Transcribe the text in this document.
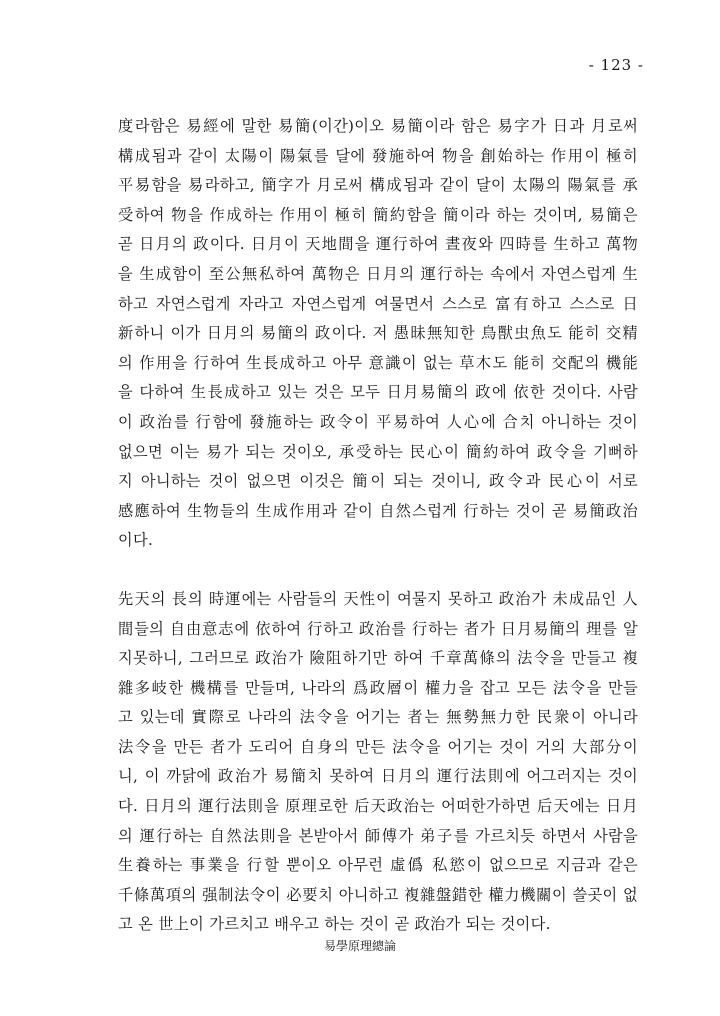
- 123 -
度라함은 易經에 말한 易簡(이간)이오 易簡이라 함은 易字가 日과 月로써
構成됨과 같이 太陽이 陽氣를 달에 發施하여 物을 創始하는 作用이 極히
平易함을 易라하고, 簡字가 月로써 構成됨과 같이 달이 太陽의 陽氣를 承
受하여 物을 作成하는 作用이 極히 簡約함을 簡이라 하는 것이며, 易簡은
곧 日月의 政이다. 日月이 天地間을 運行하여 晝夜와 四時를 生하고 萬物
을 生成함이 至公無私하여 萬物은 日月의 運行하는 속에서 자연스럽게 生
하고 자연스럽게 자라고 자연스럽게 여물면서 스스로 富有하고 스스로 日
新하니 이가 日月의 易簡의 政이다. 저 愚昧無知한 鳥獸虫魚도 能히 交精
의 作用을 行하여 生長成하고 아무 意識이 없는 草木도 能히 交配의 機能
을 다하여 生長成하고 있는 것은 모두 日月易簡의 政에 依한 것이다. 사람
이 政治를 行함에 發施하는 政令이 平易하여 人心에 合치 아니하는 것이
없으면 이는 易가 되는 것이오, 承受하는 民心이 簡約하여 政令을 기뻐하
지 아니하는 것이 없으면 이것은 簡이 되는 것이니, 政令과 民心이 서로
感應하여 生物들의 生成作用과 같이 自然스럽게 行하는 것이 곧 易簡政治
이다.
先天의 長의 時運에는 사람들의 天性이 여물지 못하고 政治가 未成品인 人
間들의 自由意志에 依하여 行하고 政治를 行하는 者가 日月易簡의 理를 알
지못하니, 그러므로 政治가 險阻하기만 하여 千章萬條의 法令을 만들고 複
雜多岐한 機構를 만들며, 나라의 爲政層이 權力을 잡고 모든 法令을 만들
고 있는데 實際로 나라의 法令을 어기는 者는 無勢無力한 民衆이 아니라
法令을 만든 者가 도리어 自身의 만든 法令을 어기는 것이 거의 大部分이
니, 이 까닭에 政治가 易簡치 못하여 日月의 運行法則에 어그러지는 것이
다. 日月의 運行法則을 原理로한 后天政治는 어떠한가하면 后天에는 日月
의 運行하는 自然法則을 본받아서 師傅가 弟子를 가르치듯 하면서 사람을
生養하는 事業을 行할 뿐이오 아무런 虛僞 私慾이 없으므로 지금과 같은
千條萬項의 强制法令이 必要치 아니하고 複雜盤錯한 權力機關이 쓸곳이 없
고 온 世上이 가르치고 배우고 하는 것이 곧 政治가 되는 것이다.
易學原理總論
